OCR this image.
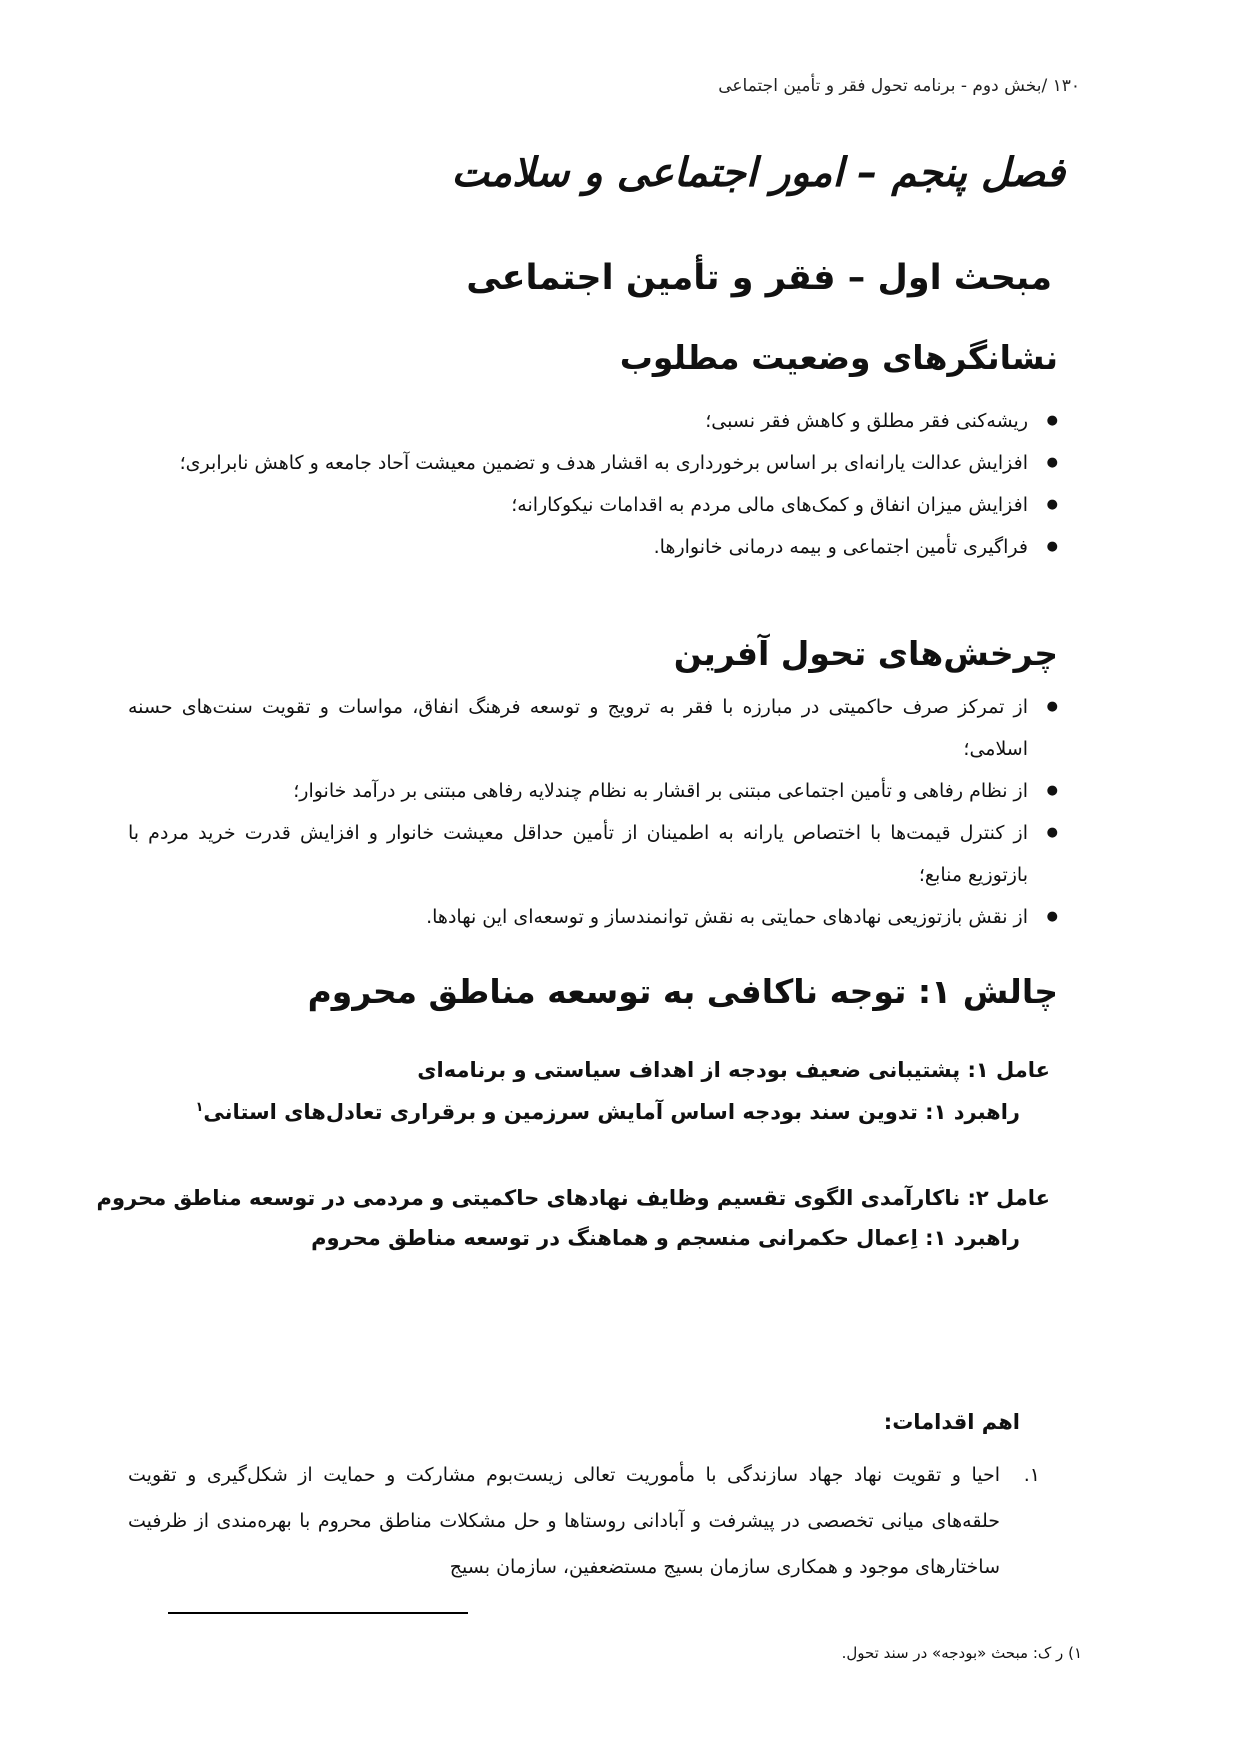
۱۳۰ /بخش دوم - برنامه تحول فقر و تأمین اجتماعی
فصل پنجم – امور اجتماعی و سلامت
مبحث اول – فقر و تأمین اجتماعی
نشانگرهای وضعیت مطلوب
● ریشه‌کنی فقر مطلق و کاهش فقر نسبی؛
● افزایش عدالت یارانه‌ای بر اساس برخورداری به اقشار هدف و تضمین معیشت آحاد جامعه و کاهش نابرابری؛
● افزایش میزان انفاق و کمک‌های مالی مردم به اقدامات نیکوکارانه؛
● فراگیری تأمین اجتماعی و بیمه درمانی خانوارها.
چرخش‌های تحول آفرین
● از تمرکز صرف حاکمیتی در مبارزه با فقر به ترویج و توسعه فرهنگ انفاق، مواسات و تقویت سنت‌های حسنه اسلامی؛
● از نظام رفاهی و تأمین اجتماعی مبتنی بر اقشار به نظام چندلایه رفاهی مبتنی بر درآمد خانوار؛
● از کنترل قیمت‌ها با اختصاص یارانه به اطمینان از تأمین حداقل معیشت خانوار و افزایش قدرت خرید مردم با بازتوزیع منابع؛
● از نقش بازتوزیعی نهادهای حمایتی به نقش توانمندساز و توسعه‌ای این نهادها.
چالش ۱: توجه ناکافی به توسعه مناطق محروم
عامل ۱: پشتیبانی ضعیف بودجه از اهداف سیاستی و برنامه‌ای
راهبرد ۱: تدوین سند بودجه اساس آمایش سرزمین و برقراری تعادل‌های استانی$^۱$
عامل ۲: ناکارآمدی الگوی تقسیم وظایف نهادهای حاکمیتی و مردمی در توسعه مناطق محروم
راهبرد ۱: اِعمال حکمرانی منسجم و هماهنگ در توسعه مناطق محروم
اهم اقدامات:
۱.
احیا و تقویت نهاد جهاد سازندگی با مأموریت تعالی زیست‌بوم مشارکت و حمایت از شکل‌گیری و تقویت حلقه‌های میانی تخصصی در پیشرفت و آبادانی روستاها و حل مشکلات مناطق محروم با بهره‌مندی از ظرفیت ساختارهای موجود و همکاری سازمان بسیج مستضعفین، سازمان بسیج
۱) ر ک: مبحث «بودجه» در سند تحول.
